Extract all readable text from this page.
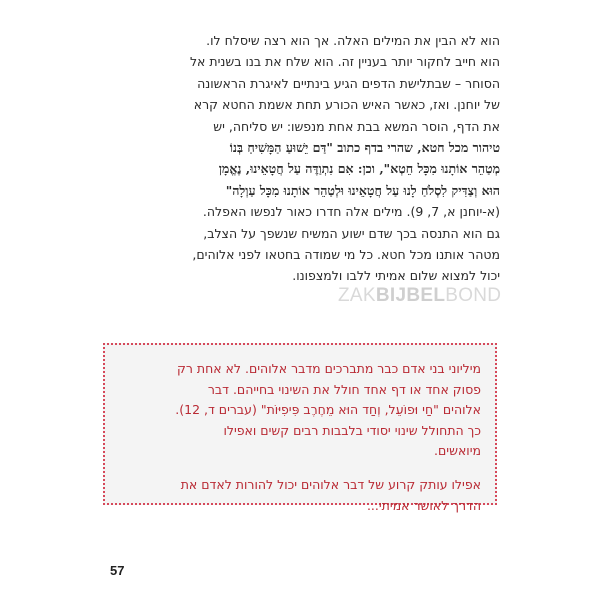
הוא לא הבין את המילים האלה. אך הוא רצה שיסלח לו.
הוא חייב לחקור יותר בעניין זה. הוא שלח את בנו בשנית אל
הסוחר – שבתלישת הדפים הגיע בינתיים לאיגרת הראשונה
של יוחנן. ואז, כאשר האיש הכורע תחת אשמת החטא קרא
את הדף, הוסר המשא בבת אחת מנפשו: יש סליחה, יש
טיהור מכל חטא, שהרי בדף כתוב "דַּם יֵשׁוּעַ הַמָּשִׁיחַ בְּנוֹ
מְטַהֵר אוֹתָנוּ מִכָּל חֵטְא", וכן: אִם נִתְוַדֶּה עַל חֲטָאֵינוּ, נֶאֱמָן
הוּא וְצַדִּיק לִסְלֹחַ לָנוּ עַל חֲטָאֵינוּ וּלְטַהֵר אוֹתָנוּ מִכָּל עַוְלָה"
(א-יוחנן א, 7, 9). מילים אלה חדרו כאור לנפשו האפלה.
גם הוא התנסה בכך שדם ישוע המשיח שנשפך על הצלב,
מטהר אותנו מכל חטא. כל מי שמודה בחטאו לפני אלוהים,
יכול למצוא שלום אמיתי ללבו ולמצפונו.
ZAKBIJBELBOND
מיליוני בני אדם כבר מתברכים מדבר אלוהים. לא אחת רק
פסוק אחד או דף אחד חולל את השינוי בחייהם. דבר
אלוהים "חַי וּפוֹעֵל, וְחַד הוּא מֵחֶרֶב פִּיפִיּוֹת" (עברים ד, 12).
כך התחולל שינוי יסודי בלבבות רבים קשים ואפילו
מיואשים.
אפילו עותק קרוע של דבר אלוהים יכול להורות לאדם את
הדרך לאושר אמיתי...
57
